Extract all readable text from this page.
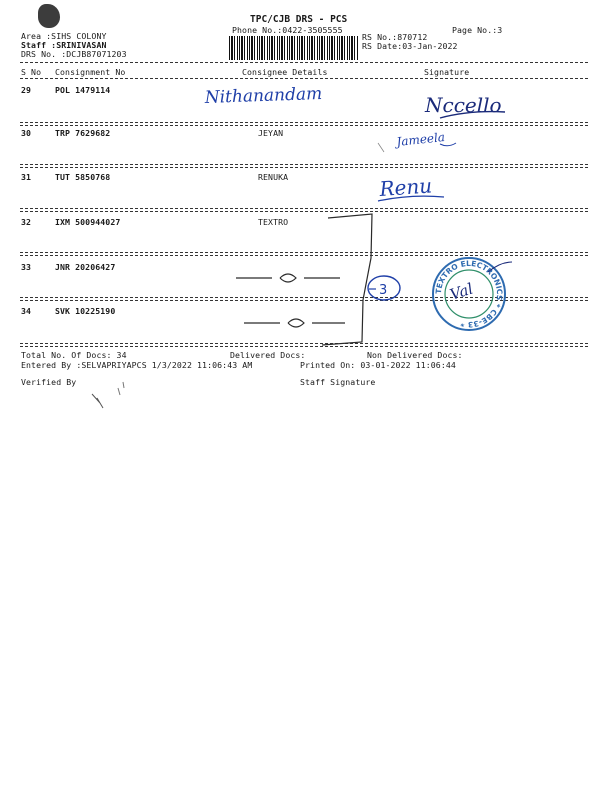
TPC/CJB DRS - PCS
Phone No.:0422-3505555	Page No.:3
Area :SIHS COLONY
Staff :SRINIVASAN
DRS No. :DCJB87071203
RS No.:870712
RS Date:03-Jan-2022
S No Consignment No	Consignee Details	Signature
29	POL 1479114
30	TRP 7629682	JEYAN
31	TUT 5850768	RENUKA
32	IXM 500944027	TEXTRO
33	JNR 20206427
34	SVK 10225190
Total No. Of Docs: 34	Delivered Docs:	Non Delivered Docs:
Entered By :SELVAPRIYAPCS 1/3/2022 11:06:43 AM	Printed On: 03-01-2022 11:06:44
Verified By	Staff Signature
Nithanandam	Nccello
Jameela
Renu
3	TEXTRO ELECTRONICS * CBE-33 *
Val
